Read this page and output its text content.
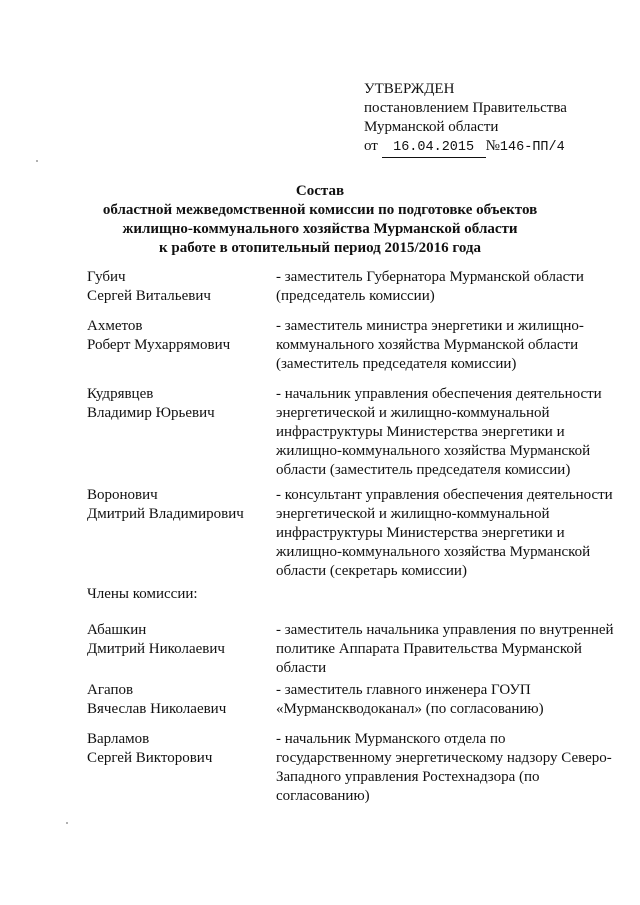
УТВЕРЖДЕН
постановлением Правительства
Мурманской области
от 16.04.2015 №146-ПП/4
Состав
областной межведомственной комиссии по подготовке объектов
жилищно-коммунального хозяйства Мурманской области
к работе в отопительный период 2015/2016 года
Губич
Сергей Витальевич
- заместитель Губернатора Мурманской области (председатель комиссии)
Ахметов
Роберт Мухаррямович
- заместитель министра энергетики и жилищно-коммунального хозяйства Мурманской области (заместитель председателя комиссии)
Кудрявцев
Владимир Юрьевич
- начальник управления обеспечения деятельности энергетической и жилищно-коммунальной инфраструктуры Министерства энергетики и жилищно-коммунального хозяйства Мурманской области (заместитель председателя комиссии)
Воронович
Дмитрий Владимирович
- консультант управления обеспечения деятельности энергетической и жилищно-коммунальной инфраструктуры Министерства энергетики и жилищно-коммунального хозяйства Мурманской области (секретарь комиссии)
Члены комиссии:
Абашкин
Дмитрий Николаевич
- заместитель начальника управления по внутренней политике Аппарата Правительства Мурманской области
Агапов
Вячеслав Николаевич
- заместитель главного инженера ГОУП «Мурманскводоканал» (по согласованию)
Варламов
Сергей Викторович
- начальник Мурманского отдела по государственному энергетическому надзору Северо-Западного управления Ростехнадзора (по согласованию)
